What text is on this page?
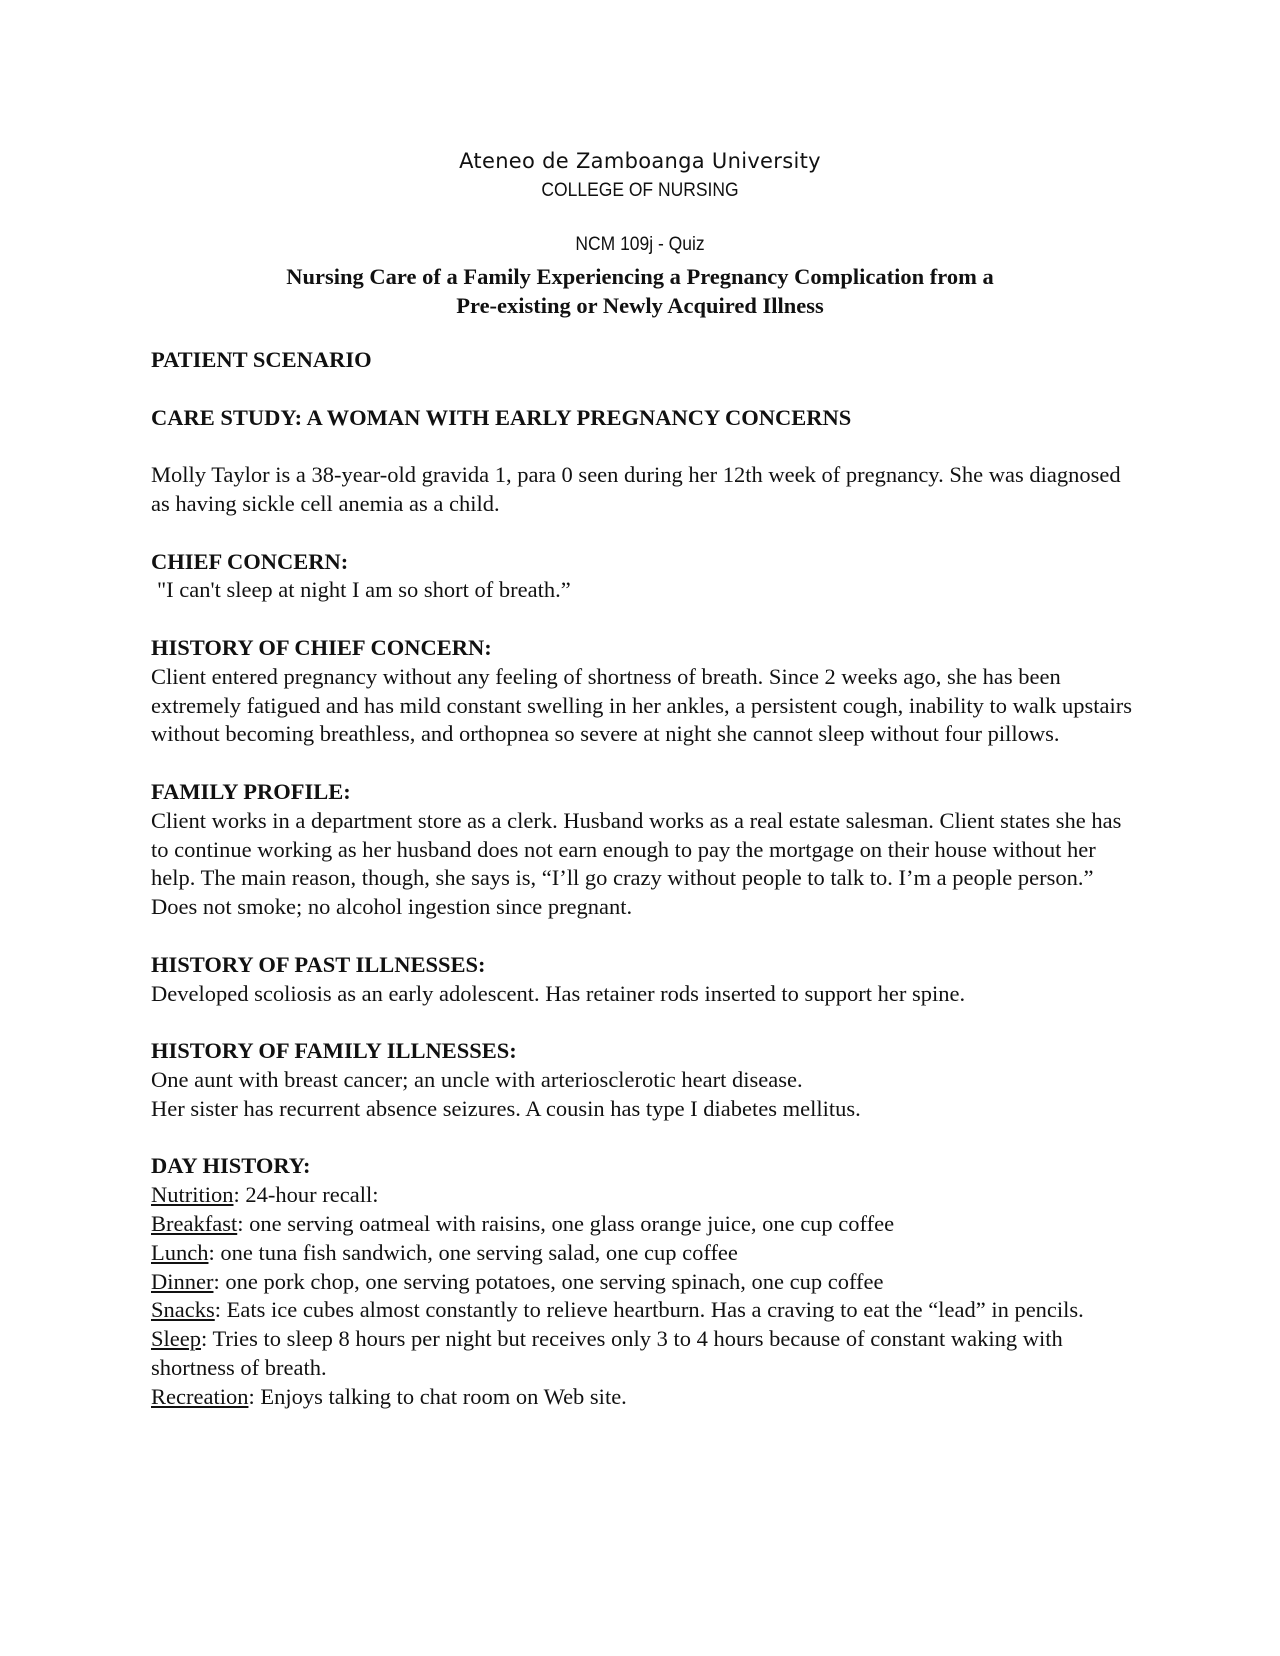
Ateneo de Zamboanga University
COLLEGE OF NURSING
NCM 109j - Quiz
Nursing Care of a Family Experiencing a Pregnancy Complication from a
Pre-existing or Newly Acquired Illness

PATIENT SCENARIO

CARE STUDY: A WOMAN WITH EARLY PREGNANCY CONCERNS

Molly Taylor is a 38-year-old gravida 1, para 0 seen during her 12th week of pregnancy. She was diagnosed as having sickle cell anemia as a child.

CHIEF CONCERN:

"I can't sleep at night I am so short of breath.”

HISTORY OF CHIEF CONCERN:

Client entered pregnancy without any feeling of shortness of breath. Since 2 weeks ago, she has been extremely fatigued and has mild constant swelling in her ankles, a persistent cough, inability to walk upstairs without becoming breathless, and orthopnea so severe at night she cannot sleep without four pillows.

FAMILY PROFILE:

Client works in a department store as a clerk. Husband works as a real estate salesman. Client states she has to continue working as her husband does not earn enough to pay the mortgage on their house without her help. The main reason, though, she says is, “I’ll go crazy without people to talk to. I’m a people person.” Does not smoke; no alcohol ingestion since pregnant.

HISTORY OF PAST ILLNESSES:

Developed scoliosis as an early adolescent. Has retainer rods inserted to support her spine.

HISTORY OF FAMILY ILLNESSES:

One aunt with breast cancer; an uncle with arteriosclerotic heart disease.

Her sister has recurrent absence seizures. A cousin has type I diabetes mellitus.

DAY HISTORY:

Nutrition: 24-hour recall:

Breakfast: one serving oatmeal with raisins, one glass orange juice, one cup coffee

Lunch: one tuna fish sandwich, one serving salad, one cup coffee

Dinner: one pork chop, one serving potatoes, one serving spinach, one cup coffee

Snacks: Eats ice cubes almost constantly to relieve heartburn. Has a craving to eat the “lead” in pencils.

Sleep: Tries to sleep 8 hours per night but receives only 3 to 4 hours because of constant waking with shortness of breath.

Recreation: Enjoys talking to chat room on Web site.
